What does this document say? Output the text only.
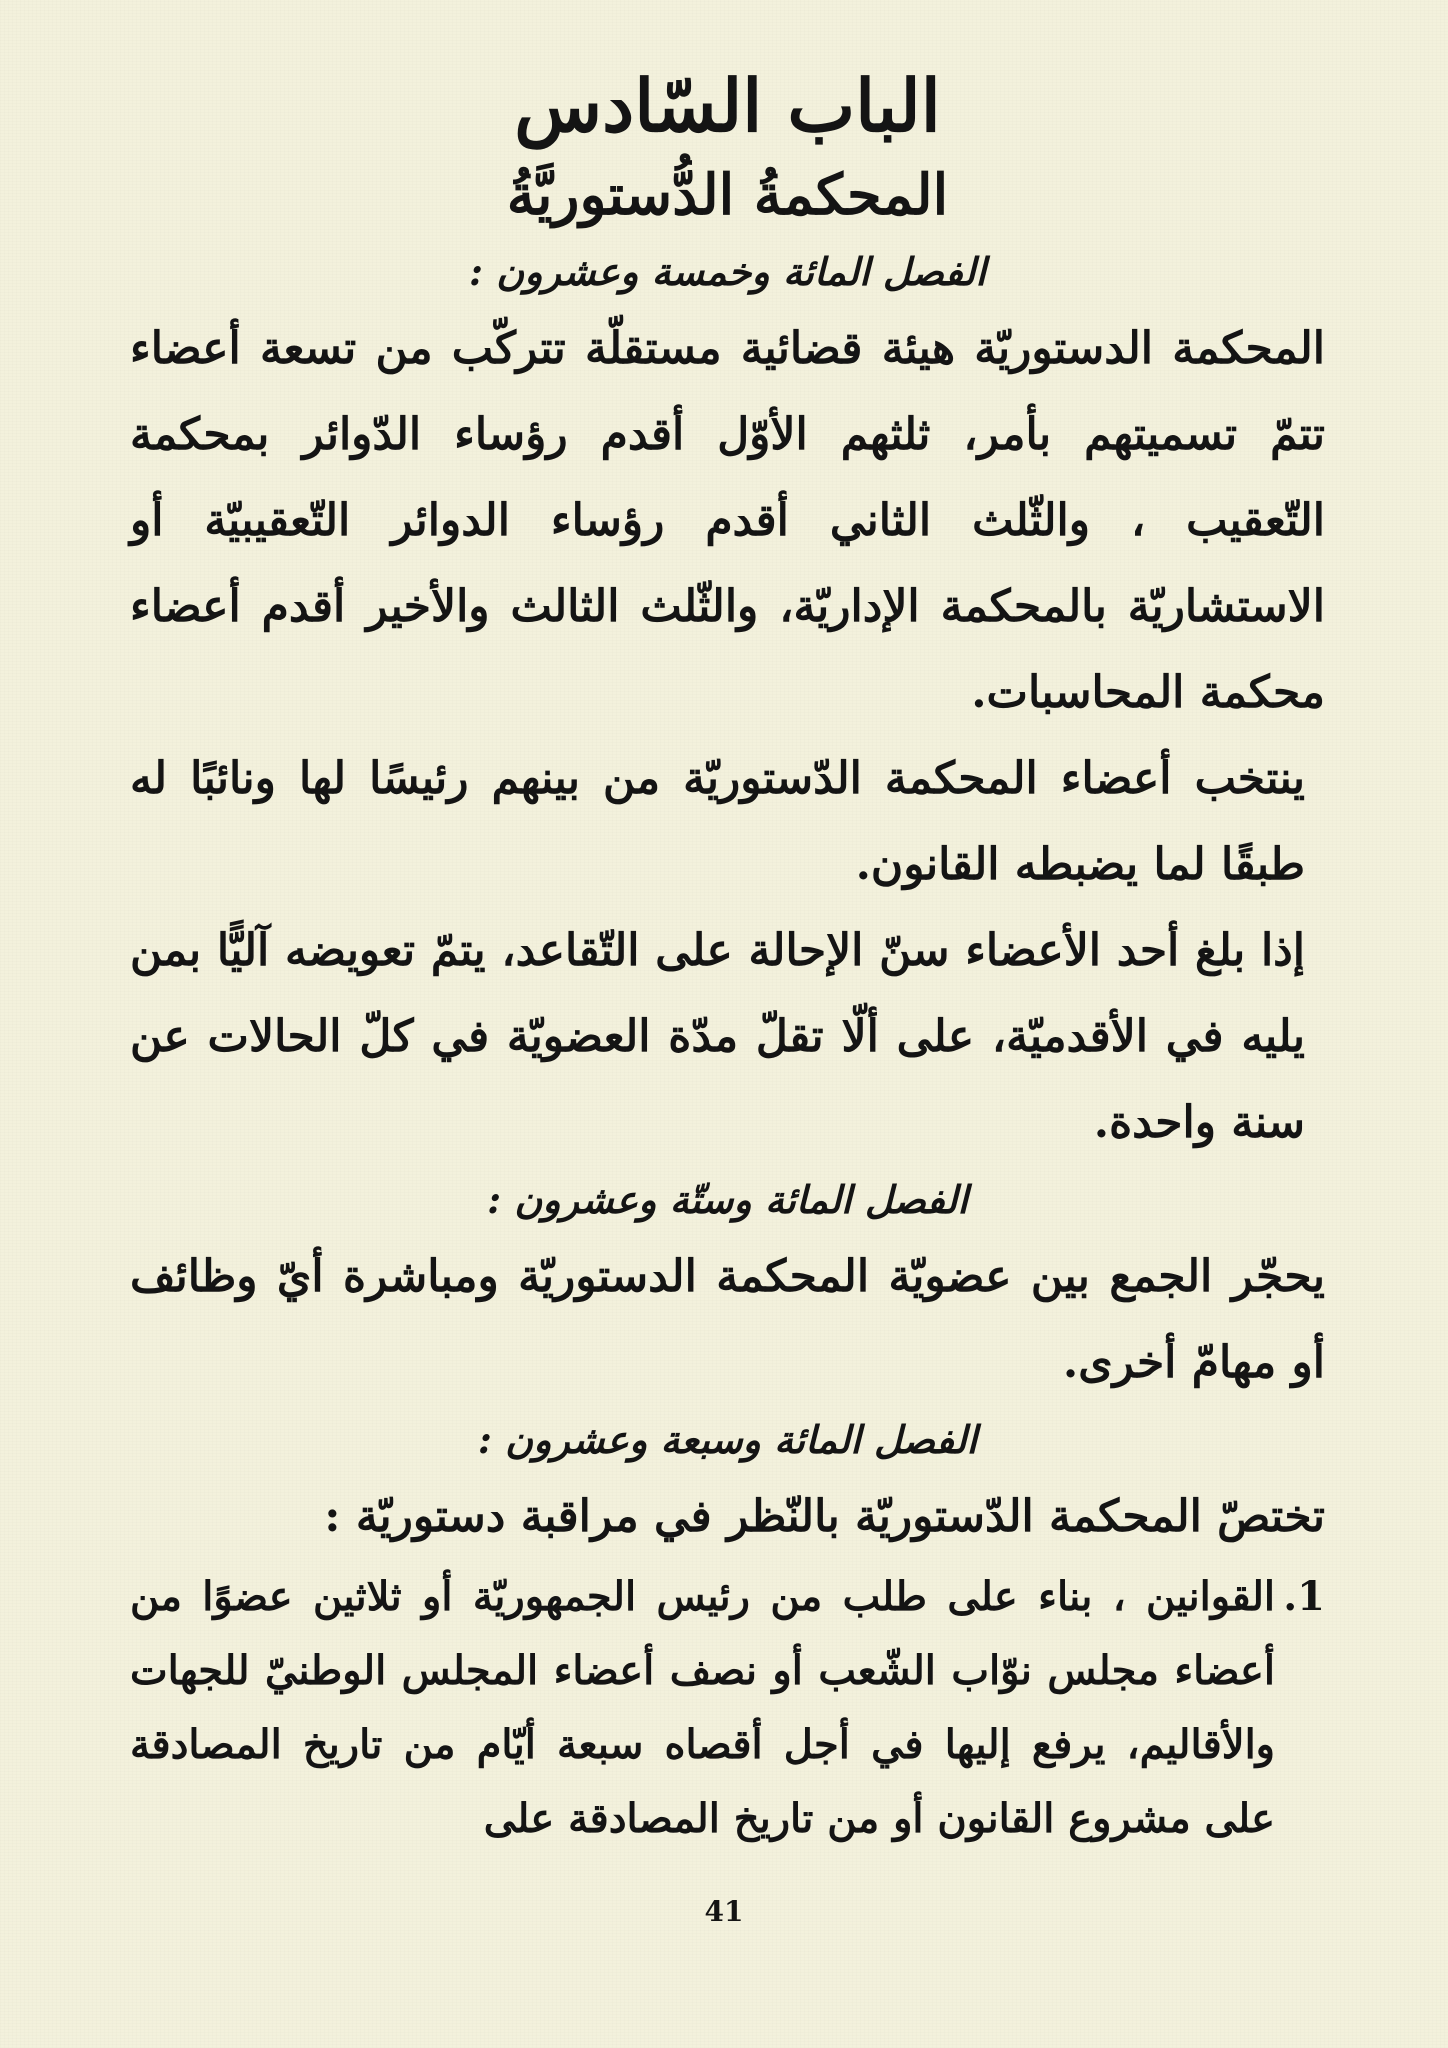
الباب السّادس
المحكمةُ الدُّستوريَّةُ
الفصل المائة وخمسة وعشرون :

المحكمة الدستوريّة هيئة قضائية مستقلّة تتركّب من تسعة أعضاء تتمّ تسميتهم بأمر، ثلثهم الأوّل أقدم رؤساء الدّوائر بمحكمة التّعقيب ، والثّلث الثاني أقدم رؤساء الدوائر التّعقيبيّة أو الاستشاريّة بالمحكمة الإداريّة، والثّلث الثالث والأخير أقدم أعضاء محكمة المحاسبات.

ينتخب أعضاء المحكمة الدّستوريّة من بينهم رئيسًا لها ونائبًا له طبقًا لما يضبطه القانون.

إذا بلغ أحد الأعضاء سنّ الإحالة على التّقاعد، يتمّ تعويضه آليًّا بمن يليه في الأقدميّة، على ألّا تقلّ مدّة العضويّة في كلّ الحالات عن سنة واحدة.

الفصل المائة وستّة وعشرون :

يحجّر الجمع بين عضويّة المحكمة الدستوريّة ومباشرة أيّ وظائف أو مهامّ أخرى.

الفصل المائة وسبعة وعشرون :

تختصّ المحكمة الدّستوريّة بالنّظر في مراقبة دستوريّة :

1.
القوانين ، بناء على طلب من رئيس الجمهوريّة أو ثلاثين عضوًا من أعضاء مجلس نوّاب الشّعب أو نصف أعضاء المجلس الوطنيّ للجهات والأقاليم، يرفع إليها في أجل أقصاه سبعة أيّام من تاريخ المصادقة على مشروع القانون أو من تاريخ المصادقة على
41
